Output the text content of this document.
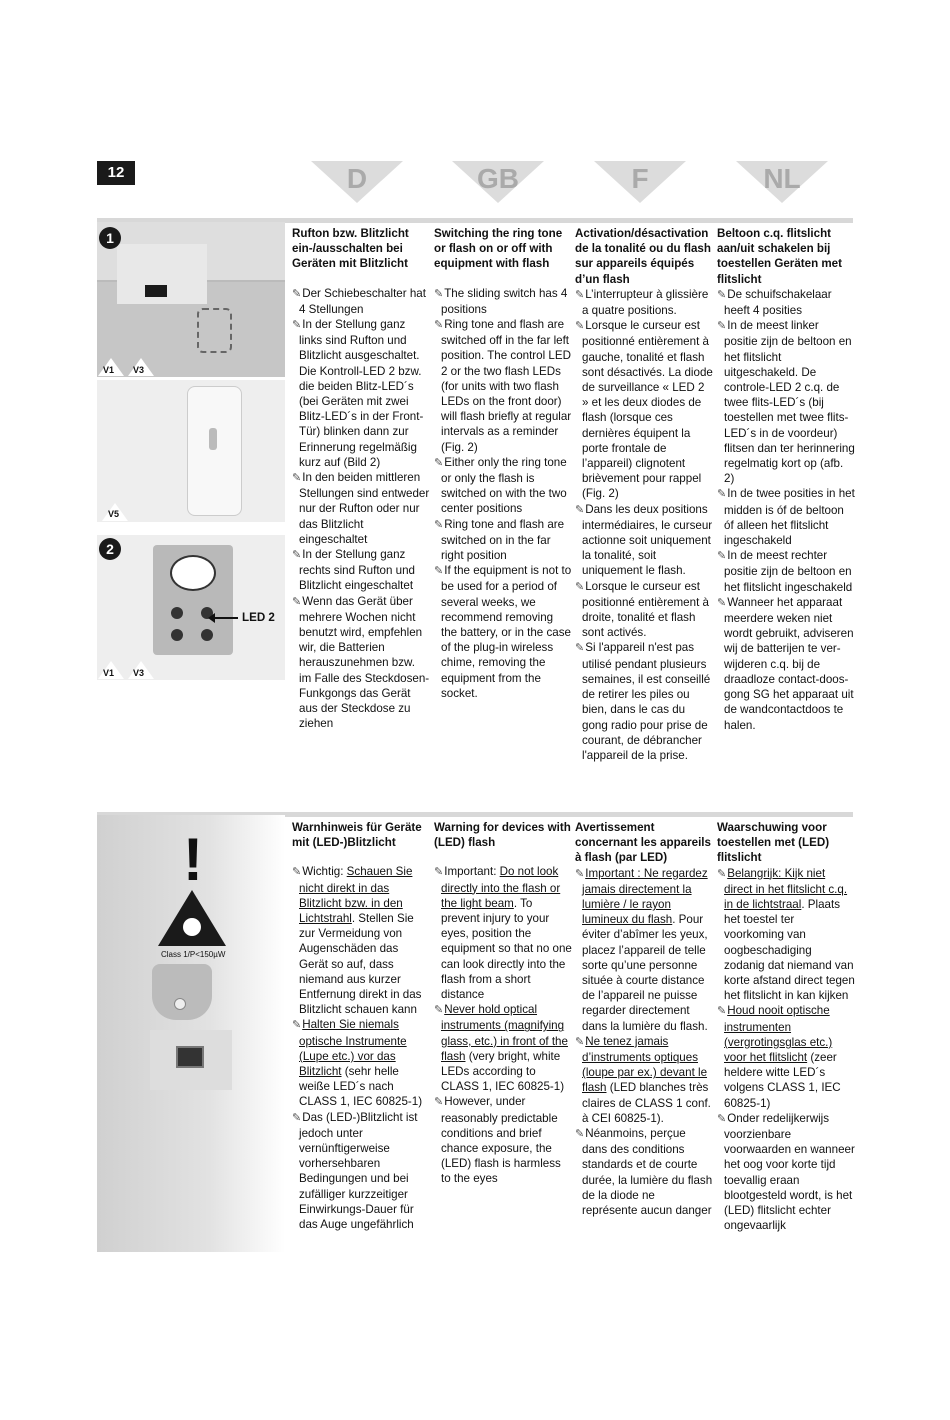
12	D	GB	F	NL
1
V1 V3
V5
2
LED 2
V1 V3
Rufton bzw. Blitzlicht ein-/ausschalten bei Geräten mit Blitzlicht
✎Der Schiebeschalter hat 4 Stellungen
✎In der Stellung ganz links sind Rufton und Blitzlicht ausgeschaltet. Die Kontroll-LED 2 bzw. die beiden Blitz-LED´s (bei Geräten mit zwei Blitz-LED´s in der Front-Tür) blinken dann zur Erinnerung regelmäßig kurz auf (Bild 2)
✎In den beiden mittleren Stellungen sind entweder nur der Rufton oder nur das Blitzlicht eingeschaltet
✎In der Stellung ganz rechts sind Rufton und Blitzlicht eingeschaltet
✎Wenn das Gerät über mehrere Wochen nicht benutzt wird, empfehlen wir, die Batterien herauszunehmen bzw. im Falle des Steckdosen-Funkgongs das Gerät aus der Steckdose zu ziehen
Switching the ring tone or flash on or off with equipment with flash
✎The sliding switch has 4 positions
✎Ring tone and flash are switched off in the far left position. The control LED 2 or the two flash LEDs (for units with two flash LEDs on the front door) will flash briefly at regular intervals as a reminder (Fig. 2)
✎Either only the ring tone or only the flash is switched on with the two center positions
✎Ring tone and flash are switched on in the far right position
✎If the equipment is not to be used for a period of several weeks, we recommend removing the battery, or in the case of the plug-in wireless chime, removing the equipment from the socket.
Activation/désactivation de la tonalité ou du flash sur appareils équipés d’un flash
✎L’interrupteur à glissière a quatre positions.
✎Lorsque le curseur est positionné entièrement à gauche, tonalité et flash sont désactivés. La diode de surveillance « LED 2 » et les deux diodes de flash (lorsque ces dernières équipent la porte frontale de l’appareil) clignotent brièvement pour rappel (Fig. 2)
✎Dans les deux positions intermédiaires, le curseur actionne soit uniquement la tonalité, soit uniquement le flash.
✎Lorsque le curseur est positionné entièrement à droite, tonalité et flash sont activés.
✎Si l'appareil n'est pas utilisé pendant plusieurs semaines, il est conseillé de retirer les piles ou bien, dans le cas du gong radio pour prise de courant, de débrancher l'appareil de la prise.
Beltoon c.q. flitslicht aan/uit schakelen bij toestellen Geräten met flitslicht
✎De schuifschakelaar heeft 4 posities
✎In de meest linker positie zijn de beltoon en het flitslicht uitgeschakeld. De controle-LED 2 c.q. de twee flits-LED´s (bij toestellen met twee flits-LED´s in de voordeur) flitsen dan ter herinnering regelmatig kort op (afb. 2)
✎In de twee posities in het midden is óf de beltoon óf alleen het flitslicht ingeschakeld
✎In de meest rechter positie zijn de beltoon en het flitslicht ingeschakeld
✎Wanneer het apparaat meerdere weken niet wordt gebruikt, adviseren wij de batterijen te ver-wijderen c.q. bij de draadloze contact-doos-gong SG het apparaat uit de wandcontactdoos te halen.
!
Class 1/P<150µW
Warnhinweis für Geräte mit (LED-)Blitzlicht
✎Wichtig: Schauen Sie nicht direkt in das Blitzlicht bzw. in den Lichtstrahl. Stellen Sie zur Vermeidung von Augenschäden das Gerät so auf, dass niemand aus kurzer Entfernung direkt in das Blitzlicht schauen kann
✎Halten Sie niemals optische Instrumente (Lupe etc.) vor das Blitzlicht (sehr helle weiße LED´s nach CLASS 1, IEC 60825-1)
✎Das (LED-)Blitzlicht ist jedoch unter vernünftigerweise vorhersehbaren Bedingungen und bei zufälliger kurzzeitiger Einwirkungs-Dauer für das Auge ungefährlich
Warning for devices with (LED) flash
✎Important: Do not look directly into the flash or the light beam. To prevent injury to your eyes, position the equipment so that no one can look directly into the flash from a short distance
✎Never hold optical instruments (magnifying glass, etc.) in front of the flash (very bright, white LEDs according to CLASS 1, IEC 60825-1)
✎However, under reasonably predictable conditions and brief chance exposure, the (LED) flash is harmless to the eyes
Avertissement concernant les appareils à flash (par LED)
✎Important : Ne regardez jamais directement la lumière / le rayon lumineux du flash. Pour éviter d’abîmer les yeux, placez l’appareil de telle sorte qu’une personne située à courte distance de l’appareil ne puisse regarder directement dans la lumière du flash.
✎Ne tenez jamais d’instruments optiques (loupe par ex.) devant le flash (LED blanches très claires de CLASS 1 conf. à CEI 60825-1).
✎Néanmoins, perçue dans des conditions standards et de courte durée, la lumière du flash de la diode ne représente aucun danger
Waarschuwing voor toestellen met (LED) flitslicht
✎Belangrijk: Kijk niet direct in het flitslicht c.q. in de lichtstraal. Plaats het toestel ter voorkoming van oogbeschadiging zodanig dat niemand van korte afstand direct tegen het flitslicht in kan kijken
✎Houd nooit optische instrumenten (vergrotingsglas etc.) voor het flitslicht (zeer heldere witte LED´s volgens CLASS 1, IEC 60825-1)
✎Onder redelijkerwijs voorzienbare voorwaarden en wanneer het oog voor korte tijd toevallig eraan blootgesteld wordt, is het (LED) flitslicht echter ongevaarlijk
